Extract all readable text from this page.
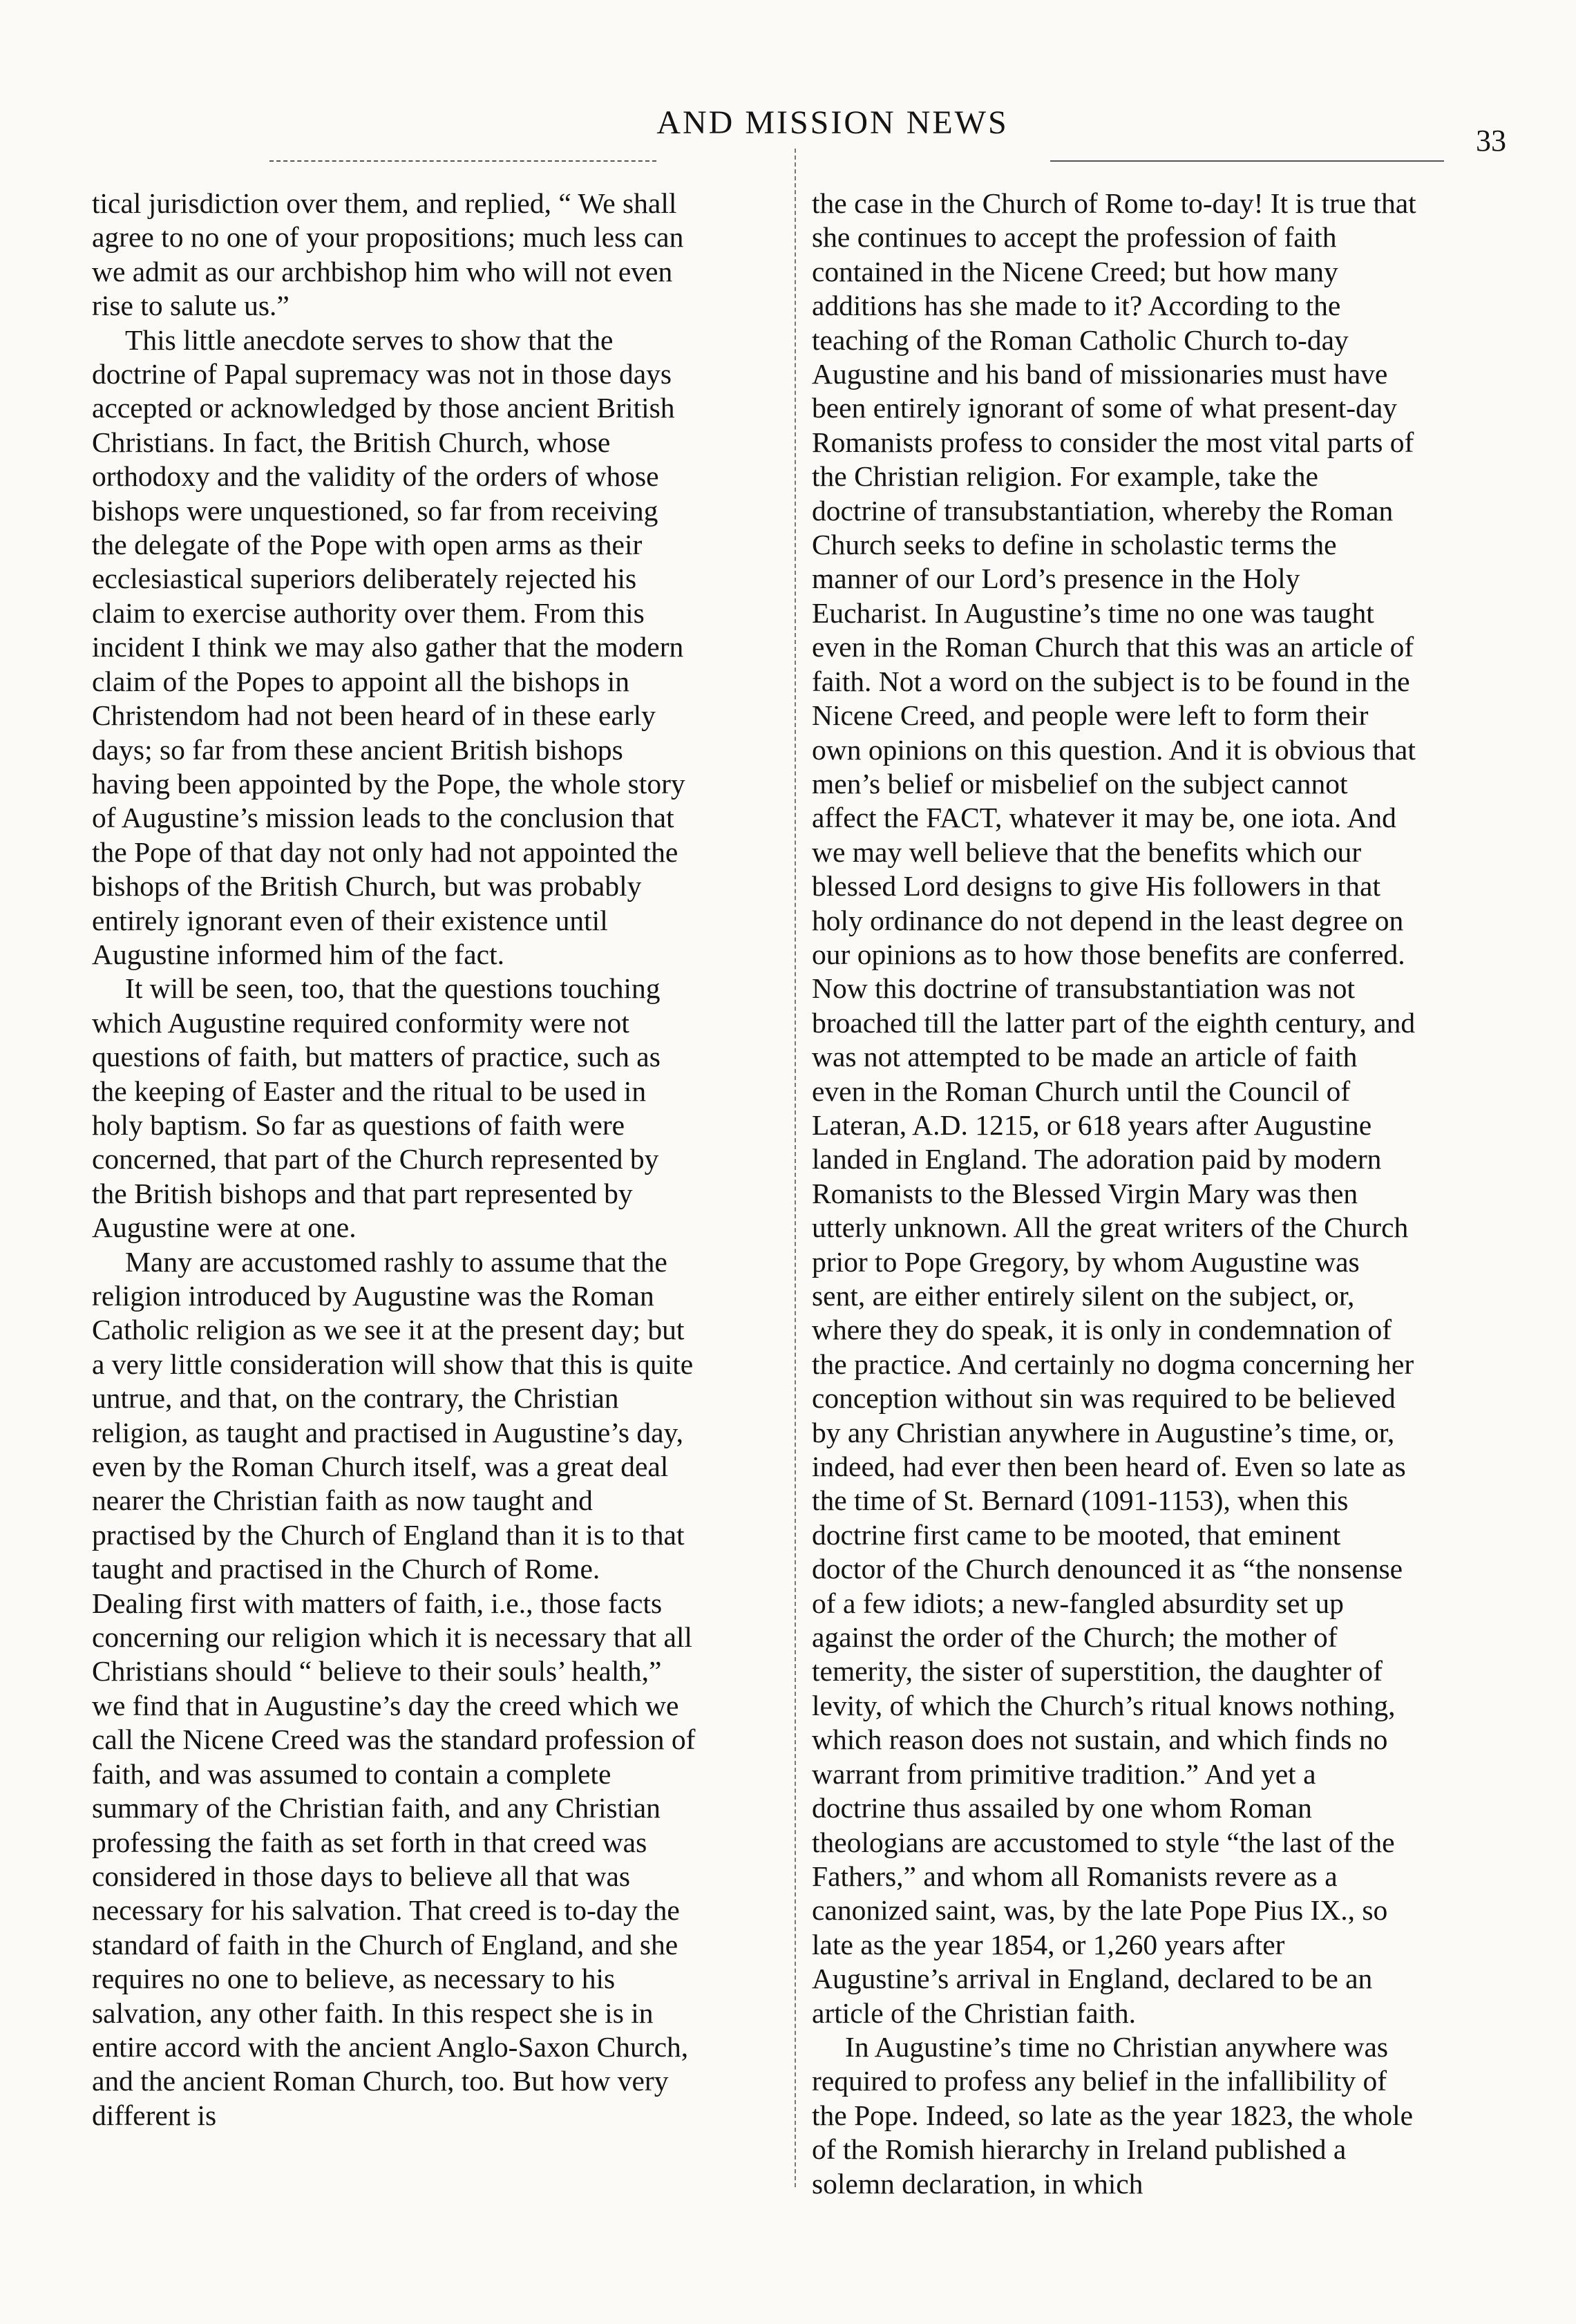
AND MISSION NEWS	33

tical jurisdiction over them, and replied, “ We shall agree to no one of your propositions; much less can we admit as our archbishop him who will not even rise to salute us.”

This little anecdote serves to show that the doctrine of Papal supremacy was not in those days accepted or acknowledged by those ancient British Christians. In fact, the British Church, whose orthodoxy and the validity of the orders of whose bishops were unquestioned, so far from receiving the delegate of the Pope with open arms as their ecclesiastical superiors deliberately rejected his claim to exercise authority over them. From this incident I think we may also gather that the modern claim of the Popes to appoint all the bishops in Christendom had not been heard of in these early days; so far from these ancient British bishops having been appointed by the Pope, the whole story of Augustine’s mission leads to the conclusion that the Pope of that day not only had not appointed the bishops of the British Church, but was probably entirely ignorant even of their existence until Augustine informed him of the fact.

It will be seen, too, that the questions touching which Augustine required conformity were not questions of faith, but matters of practice, such as the keeping of Easter and the ritual to be used in holy baptism. So far as questions of faith were concerned, that part of the Church represented by the British bishops and that part represented by Augustine were at one.

Many are accustomed rashly to assume that the religion introduced by Augustine was the Roman Catholic religion as we see it at the present day; but a very little consideration will show that this is quite untrue, and that, on the contrary, the Christian religion, as taught and practised in Augustine’s day, even by the Roman Church itself, was a great deal nearer the Christian faith as now taught and practised by the Church of England than it is to that taught and practised in the Church of Rome. Dealing first with matters of faith, i.e., those facts concerning our religion which it is necessary that all Christians should “ believe to their souls’ health,” we find that in Augustine’s day the creed which we call the Nicene Creed was the standard profession of faith, and was assumed to contain a complete summary of the Christian faith, and any Christian professing the faith as set forth in that creed was considered in those days to believe all that was necessary for his salvation. That creed is to-day the standard of faith in the Church of England, and she requires no one to believe, as necessary to his salvation, any other faith. In this respect she is in entire accord with the ancient Anglo-Saxon Church, and the ancient Roman Church, too. But how very different is

the case in the Church of Rome to-day! It is true that she continues to accept the profession of faith contained in the Nicene Creed; but how many additions has she made to it? According to the teaching of the Roman Catholic Church to-day Augustine and his band of missionaries must have been entirely ignorant of some of what present-day Romanists profess to consider the most vital parts of the Christian religion. For example, take the doctrine of transubstantiation, whereby the Roman Church seeks to define in scholastic terms the manner of our Lord’s presence in the Holy Eucharist. In Augustine’s time no one was taught even in the Roman Church that this was an article of faith. Not a word on the subject is to be found in the Nicene Creed, and people were left to form their own opinions on this question. And it is obvious that men’s belief or misbelief on the subject cannot affect the FACT, whatever it may be, one iota. And we may well believe that the benefits which our blessed Lord designs to give His followers in that holy ordinance do not depend in the least degree on our opinions as to how those benefits are conferred. Now this doctrine of transubstantiation was not broached till the latter part of the eighth century, and was not attempted to be made an article of faith even in the Roman Church until the Council of Lateran, A.D. 1215, or 618 years after Augustine landed in England. The adoration paid by modern Romanists to the Blessed Virgin Mary was then utterly unknown. All the great writers of the Church prior to Pope Gregory, by whom Augustine was sent, are either entirely silent on the subject, or, where they do speak, it is only in condemnation of the practice. And certainly no dogma concerning her conception without sin was required to be believed by any Christian anywhere in Augustine’s time, or, indeed, had ever then been heard of. Even so late as the time of St. Bernard (1091-1153), when this doctrine first came to be mooted, that eminent doctor of the Church denounced it as “the nonsense of a few idiots; a new-fangled absurdity set up against the order of the Church; the mother of temerity, the sister of superstition, the daughter of levity, of which the Church’s ritual knows nothing, which reason does not sustain, and which finds no warrant from primitive tradition.” And yet a doctrine thus assailed by one whom Roman theologians are accustomed to style “the last of the Fathers,” and whom all Romanists revere as a canonized saint, was, by the late Pope Pius IX., so late as the year 1854, or 1,260 years after Augustine’s arrival in England, declared to be an article of the Christian faith.

In Augustine’s time no Christian anywhere was required to profess any belief in the infallibility of the Pope. Indeed, so late as the year 1823, the whole of the Romish hierarchy in Ireland published a solemn declaration, in which
